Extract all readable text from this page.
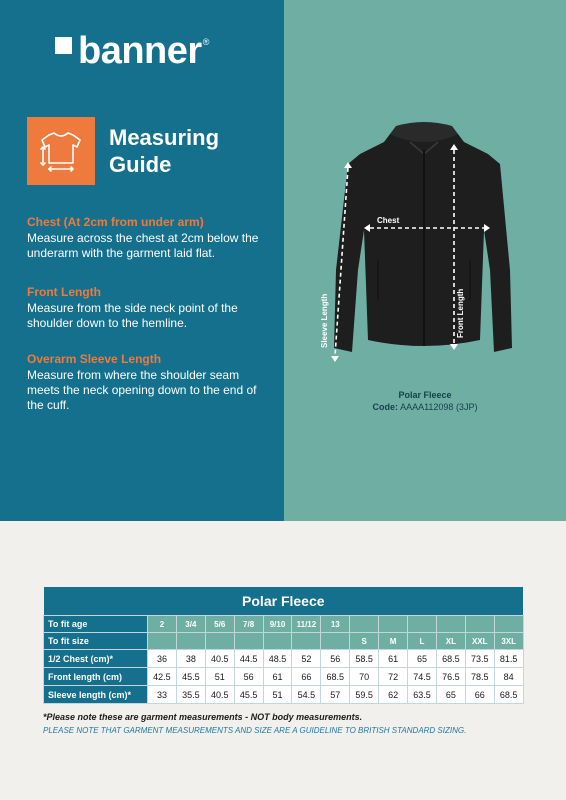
banner ®
Measuring
Guide
Chest (At 2cm from under arm)
Measure across the chest at 2cm below the underarm with the garment laid flat.
Front Length
Measure from the side neck point of the shoulder down to the hemline.
Overarm Sleeve Length
Measure from where the shoulder seam meets the neck opening down to the end of the cuff.
Chest
Sleeve Length	Front Length
Polar Fleece
Code: AAAA112098 (3JP)
Polar Fleece													
To fit age	2	3/4	5/6	7/8	9/10	11/12	13						
To fit size								S	M	L	XL	XXL	3XL
1/2 Chest (cm)*	36	38	40.5	44.5	48.5	52	56	58.5	61	65	68.5	73.5	81.5
Front length (cm)	42.5	45.5	51	56	61	66	68.5	70	72	74.5	76.5	78.5	84
Sleeve length (cm)*	33	35.5	40.5	45.5	51	54.5	57	59.5	62	63.5	65	66	68.5
*Please note these are garment measurements - NOT body measurements.
PLEASE NOTE THAT GARMENT MEASUREMENTS AND SIZE ARE A GUIDELINE TO BRITISH STANDARD SIZING.
